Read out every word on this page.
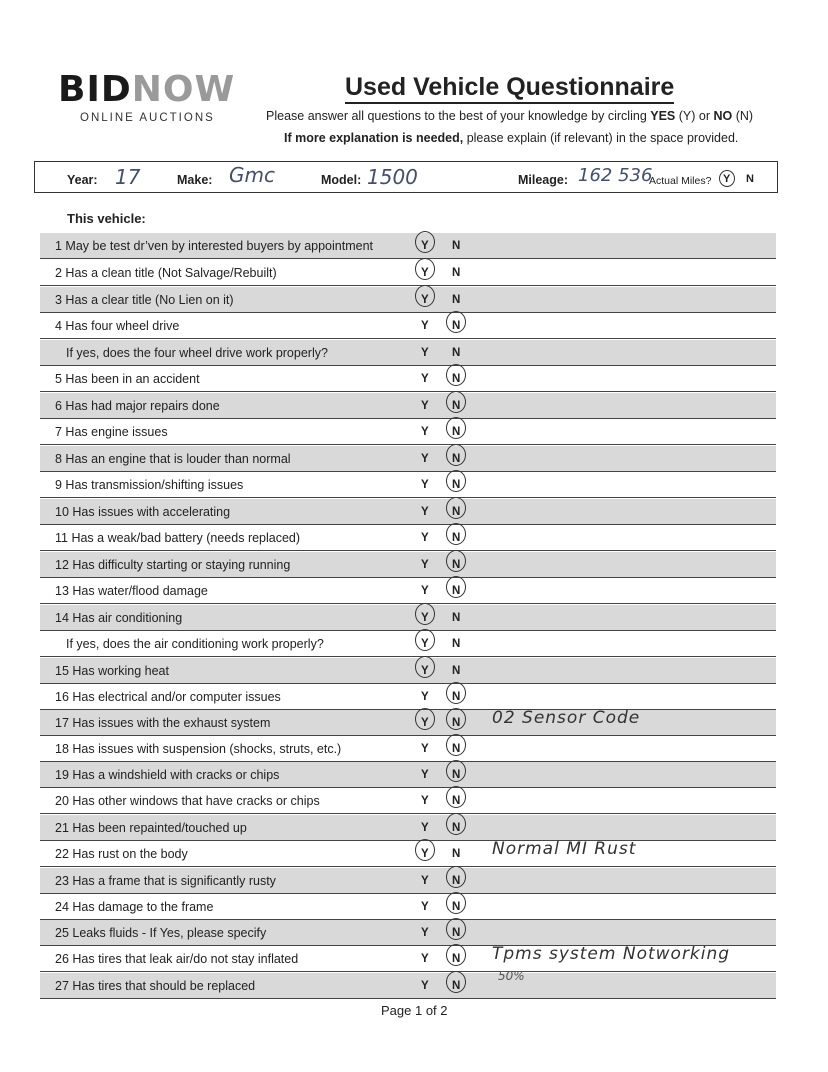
BIDNOW
ONLINE AUCTIONS
Used Vehicle Questionnaire
Please answer all questions to the best of your knowledge by circling YES (Y) or NO (N)
If more explanation is needed, please explain (if relevant) in the space provided.
Year: 17	Make: Gmc	Model: 1500	Mileage: 162 536
Actual Miles? Y N
This vehicle:
1 May be test dr’ven by interested buyers by appointment	Y N
2 Has a clean title (Not Salvage/Rebuilt)	Y N
3 Has a clear title (No Lien on it)	Y N
4 Has four wheel drive	Y N
If yes, does the four wheel drive work properly?	Y N
5 Has been in an accident	Y N
6 Has had major repairs done	Y N
7 Has engine issues	Y N
8 Has an engine that is louder than normal	Y N
9 Has transmission/shifting issues	Y N
10 Has issues with accelerating	Y N
11 Has a weak/bad battery (needs replaced)	Y N
12 Has difficulty starting or staying running	Y N
13 Has water/flood damage	Y N
14 Has air conditioning	Y N
If yes, does the air conditioning work properly?	Y N
15 Has working heat	Y N
16 Has electrical and/or computer issues	Y N
17 Has issues with the exhaust system	Y N 02 Sensor Code
18 Has issues with suspension (shocks, struts, etc.)	Y N
19 Has a windshield with cracks or chips	Y N
20 Has other windows that have cracks or chips	Y N
21 Has been repainted/touched up	Y N
22 Has rust on the body	Y N Normal MI Rust
23 Has a frame that is significantly rusty	Y N
24 Has damage to the frame	Y N
25 Leaks fluids - If Yes, please specify	Y N
26 Has tires that leak air/do not stay inflated	Y N Tpms system Notworking
27 Has tires that should be replaced	Y N
50%
Page 1 of 2
